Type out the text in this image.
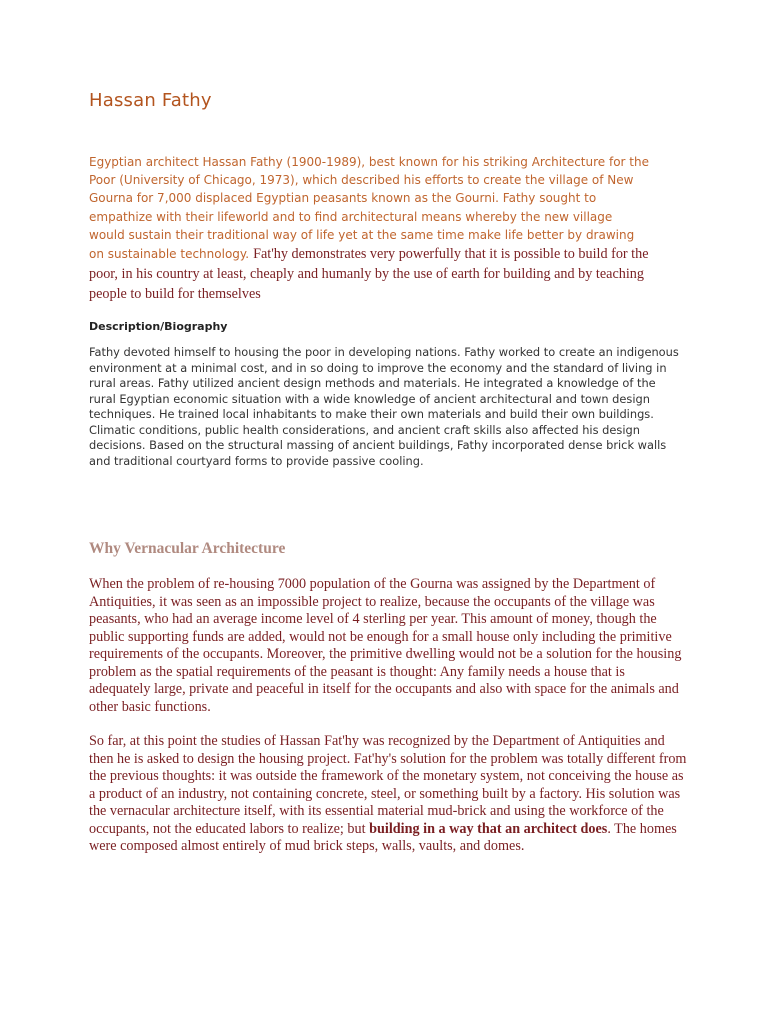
Hassan Fathy

Egyptian architect Hassan Fathy (1900-1989), best known for his striking Architecture for the Poor (University of Chicago, 1973), which described his efforts to create the village of New Gourna for 7,000 displaced Egyptian peasants known as the Gourni. Fathy sought to empathize with their lifeworld and to find architectural means whereby the new village would sustain their traditional way of life yet at the same time make life better by drawing on sustainable technology. Fat'hy demonstrates very powerfully that it is possible to build for the poor, in his country at least, cheaply and humanly by the use of earth for building and by teaching people to build for themselves

Description/Biography

Fathy devoted himself to housing the poor in developing nations. Fathy worked to create an indigenous environment at a minimal cost, and in so doing to improve the economy and the standard of living in rural areas. Fathy utilized ancient design methods and materials. He integrated a knowledge of the rural Egyptian economic situation with a wide knowledge of ancient architectural and town design techniques. He trained local inhabitants to make their own materials and build their own buildings. Climatic conditions, public health considerations, and ancient craft skills also affected his design decisions. Based on the structural massing of ancient buildings, Fathy incorporated dense brick walls and traditional courtyard forms to provide passive cooling.

Why Vernacular Architecture

When the problem of re-housing 7000 population of the Gourna was assigned by the Department of Antiquities, it was seen as an impossible project to realize, because the occupants of the village was peasants, who had an average income level of 4 sterling per year. This amount of money, though the public supporting funds are added, would not be enough for a small house only including the primitive requirements of the occupants. Moreover, the primitive dwelling would not be a solution for the housing problem as the spatial requirements of the peasant is thought: Any family needs a house that is adequately large, private and peaceful in itself for the occupants and also with space for the animals and other basic functions.

So far, at this point the studies of Hassan Fat'hy was recognized by the Department of Antiquities and then he is asked to design the housing project. Fat'hy's solution for the problem was totally different from the previous thoughts: it was outside the framework of the monetary system, not conceiving the house as a product of an industry, not containing concrete, steel, or something built by a factory. His solution was the vernacular architecture itself, with its essential material mud-brick and using the workforce of the occupants, not the educated labors to realize; but building in a way that an architect does. The homes were composed almost entirely of mud brick steps, walls, vaults, and domes.
